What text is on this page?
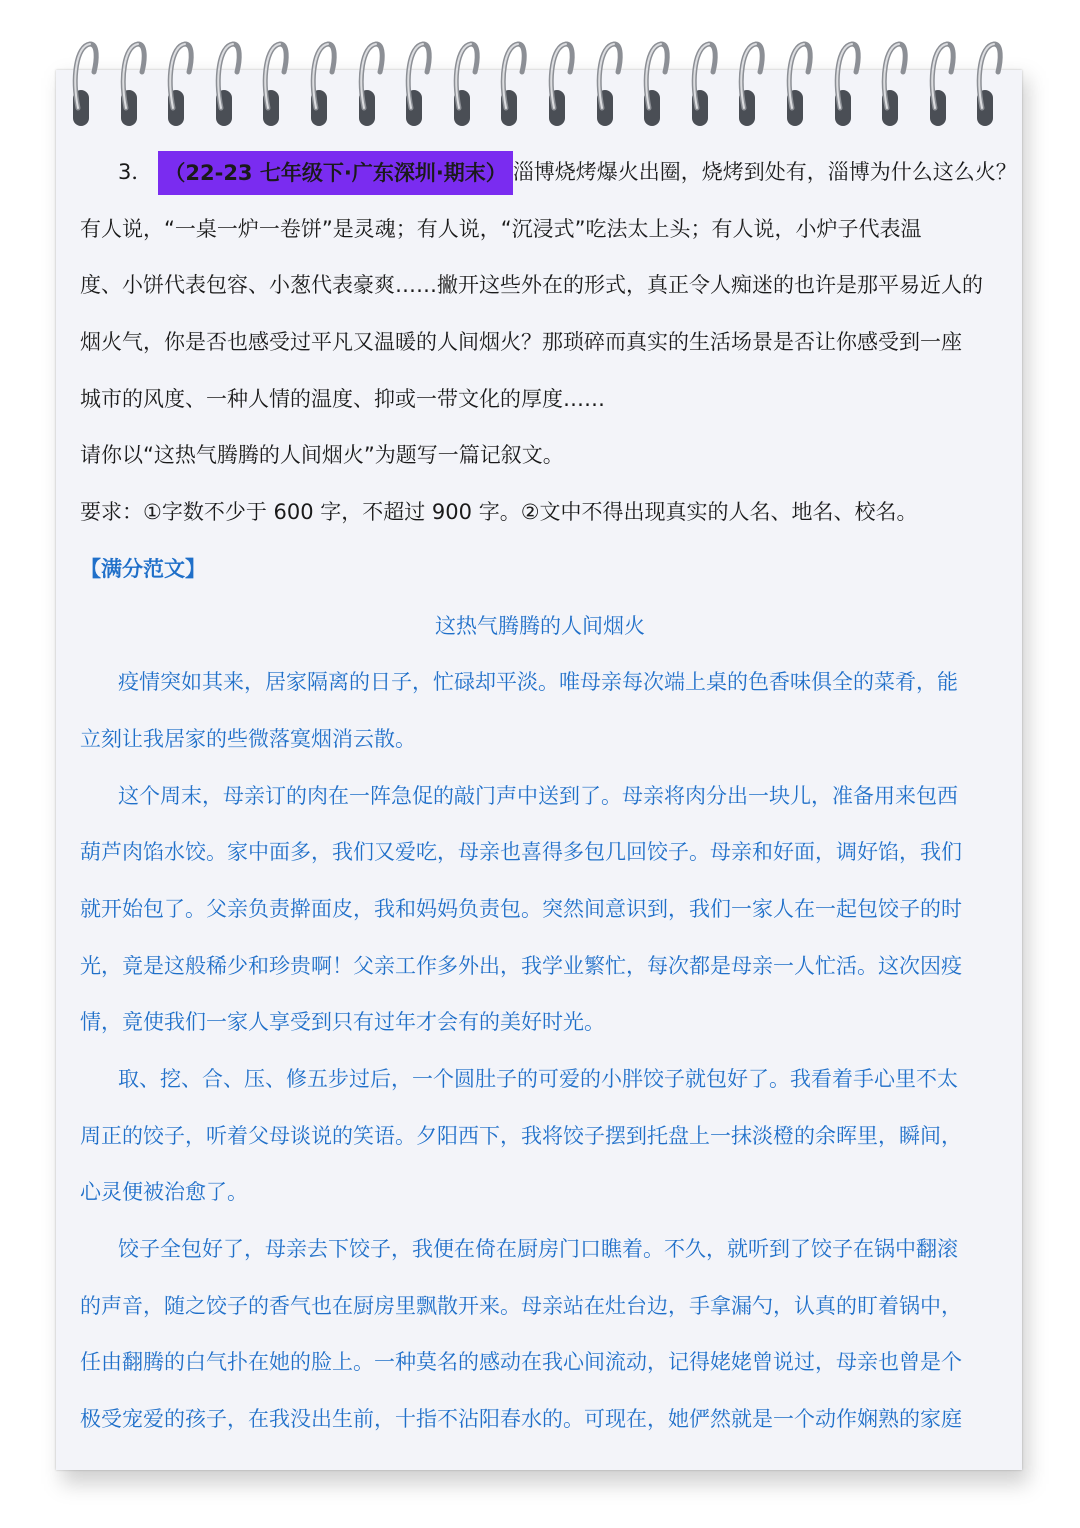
3． （22-23 七年级下·广东深圳·期末） 淄博烧烤爆火出圈，烧烤到处有，淄博为什么这么火？
有人说，“一桌一炉一卷饼”是灵魂；有人说，“沉浸式”吃法太上头；有人说，小炉子代表温
度、小饼代表包容、小葱代表豪爽……撇开这些外在的形式，真正令人痴迷的也许是那平易近人的
烟火气，你是否也感受过平凡又温暖的人间烟火？那琐碎而真实的生活场景是否让你感受到一座
城市的风度、一种人情的温度、抑或一带文化的厚度……
请你以“这热气腾腾的人间烟火”为题写一篇记叙文。
要求：①字数不少于 600 字，不超过 900 字。②文中不得出现真实的人名、地名、校名。
【满分范文】
这热气腾腾的人间烟火
疫情突如其来，居家隔离的日子，忙碌却平淡。唯母亲每次端上桌的色香味俱全的菜肴，能
立刻让我居家的些微落寞烟消云散。
这个周末，母亲订的肉在一阵急促的敲门声中送到了。母亲将肉分出一块儿，准备用来包西
葫芦肉馅水饺。家中面多，我们又爱吃，母亲也喜得多包几回饺子。母亲和好面，调好馅，我们
就开始包了。父亲负责擀面皮，我和妈妈负责包。突然间意识到，我们一家人在一起包饺子的时
光，竟是这般稀少和珍贵啊！父亲工作多外出，我学业繁忙，每次都是母亲一人忙活。这次因疫
情，竟使我们一家人享受到只有过年才会有的美好时光。
取、挖、合、压、修五步过后，一个圆肚子的可爱的小胖饺子就包好了。我看着手心里不太
周正的饺子，听着父母谈说的笑语。夕阳西下，我将饺子摆到托盘上一抹淡橙的余晖里，瞬间，
心灵便被治愈了。
饺子全包好了，母亲去下饺子，我便在倚在厨房门口瞧着。不久，就听到了饺子在锅中翻滚
的声音，随之饺子的香气也在厨房里飘散开来。母亲站在灶台边，手拿漏勺，认真的盯着锅中，
任由翻腾的白气扑在她的脸上。一种莫名的感动在我心间流动，记得姥姥曾说过，母亲也曾是个
极受宠爱的孩子，在我没出生前，十指不沾阳春水的。可现在，她俨然就是一个动作娴熟的家庭
